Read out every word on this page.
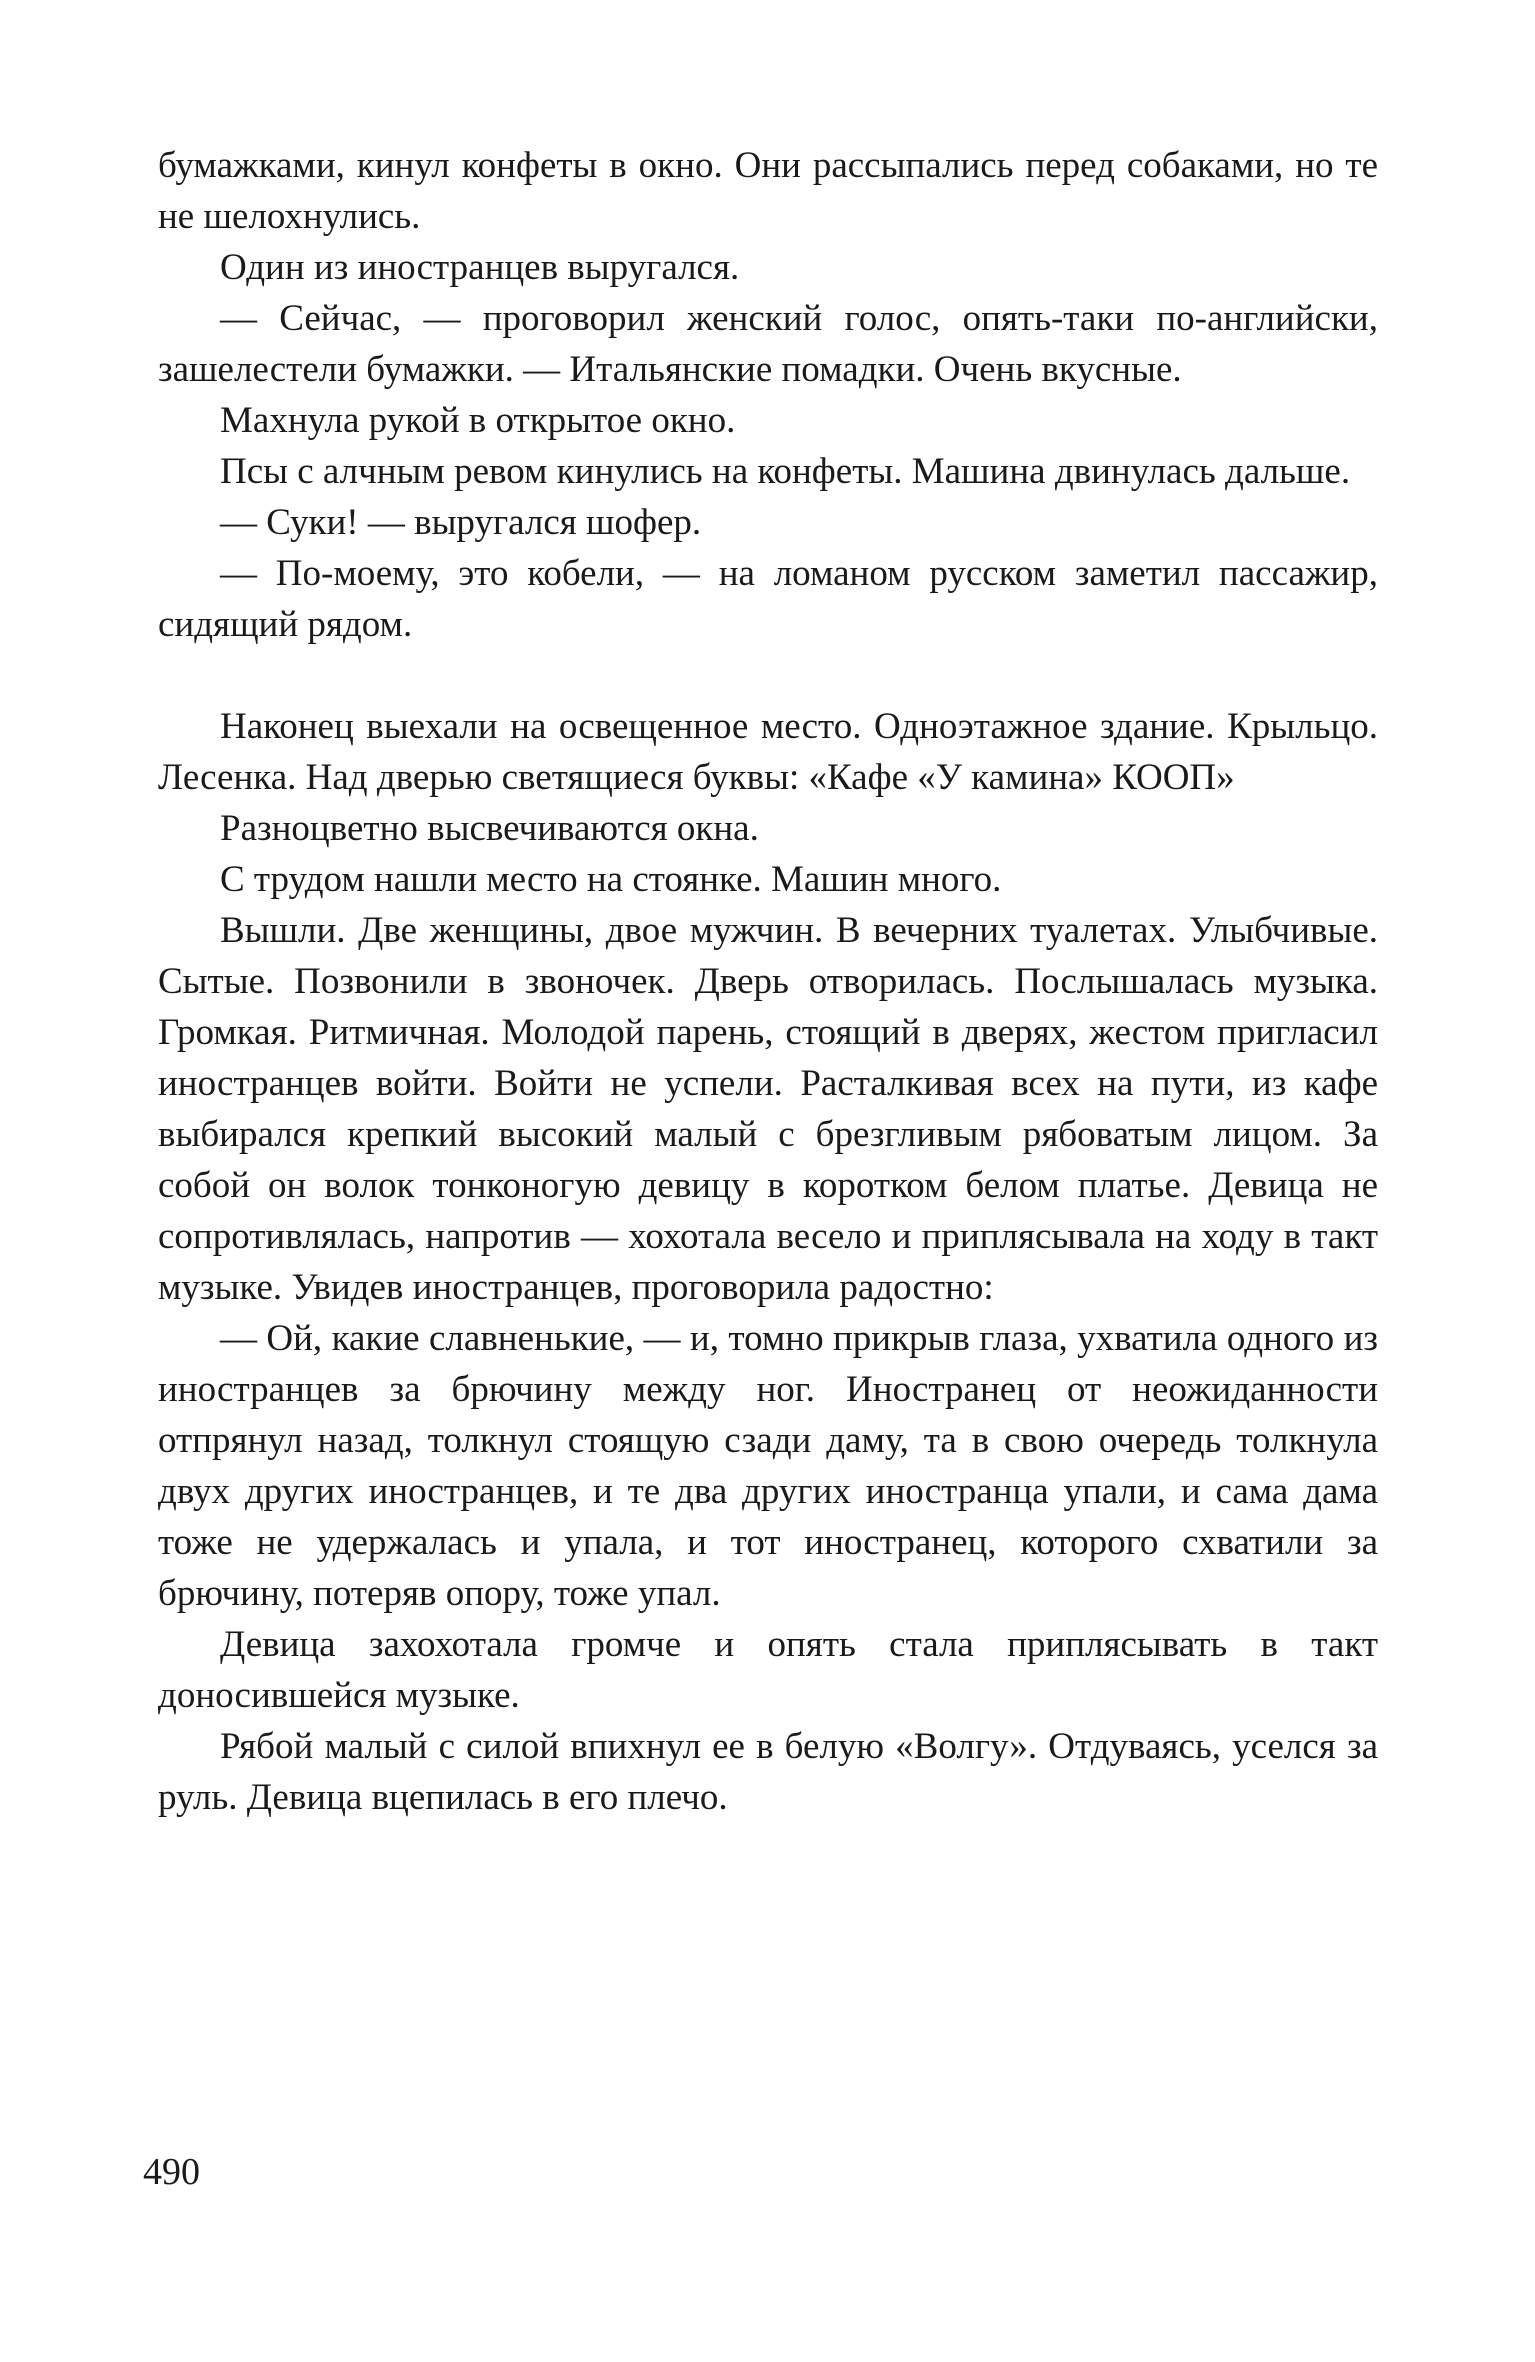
бумажками, кинул конфеты в окно. Они рассыпались перед собаками, но те не шелохнулись.

Один из иностранцев выругался.

— Сейчас, — проговорил женский голос, опять-таки по-английски, зашелестели бумажки. — Итальянские помадки. Очень вкусные.

Махнула рукой в открытое окно.

Псы с алчным ревом кинулись на конфеты. Машина двинулась дальше.

— Суки! — выругался шофер.

— По-моему, это кобели, — на ломаном русском заметил пассажир, сидящий рядом.

Наконец выехали на освещенное место. Одноэтажное здание. Крыльцо. Лесенка. Над дверью светящиеся буквы: «Кафе «У камина» КООП»

Разноцветно высвечиваются окна.

С трудом нашли место на стоянке. Машин много.

Вышли. Две женщины, двое мужчин. В вечерних туалетах. Улыбчивые. Сытые. Позвонили в звоночек. Дверь отворилась. Послышалась музыка. Громкая. Ритмичная. Молодой парень, стоящий в дверях, жестом пригласил иностранцев войти. Войти не успели. Расталкивая всех на пути, из кафе выбирался крепкий высокий малый с брезгливым рябоватым лицом. За собой он волок тонконогую девицу в коротком белом платье. Девица не сопротивлялась, напротив — хохотала весело и приплясывала на ходу в такт музыке. Увидев иностранцев, проговорила радостно:

— Ой, какие славненькие, — и, томно прикрыв глаза, ухватила одного из иностранцев за брючину между ног. Иностранец от неожиданности отпрянул назад, толкнул стоящую сзади даму, та в свою очередь толкнула двух других иностранцев, и те два других иностранца упали, и сама дама тоже не удержалась и упала, и тот иностранец, которого схватили за брючину, потеряв опору, тоже упал.

Девица захохотала громче и опять стала приплясывать в такт доносившейся музыке.

Рябой малый с силой впихнул ее в белую «Волгу». Отдуваясь, уселся за руль. Девица вцепилась в его плечо.

490
